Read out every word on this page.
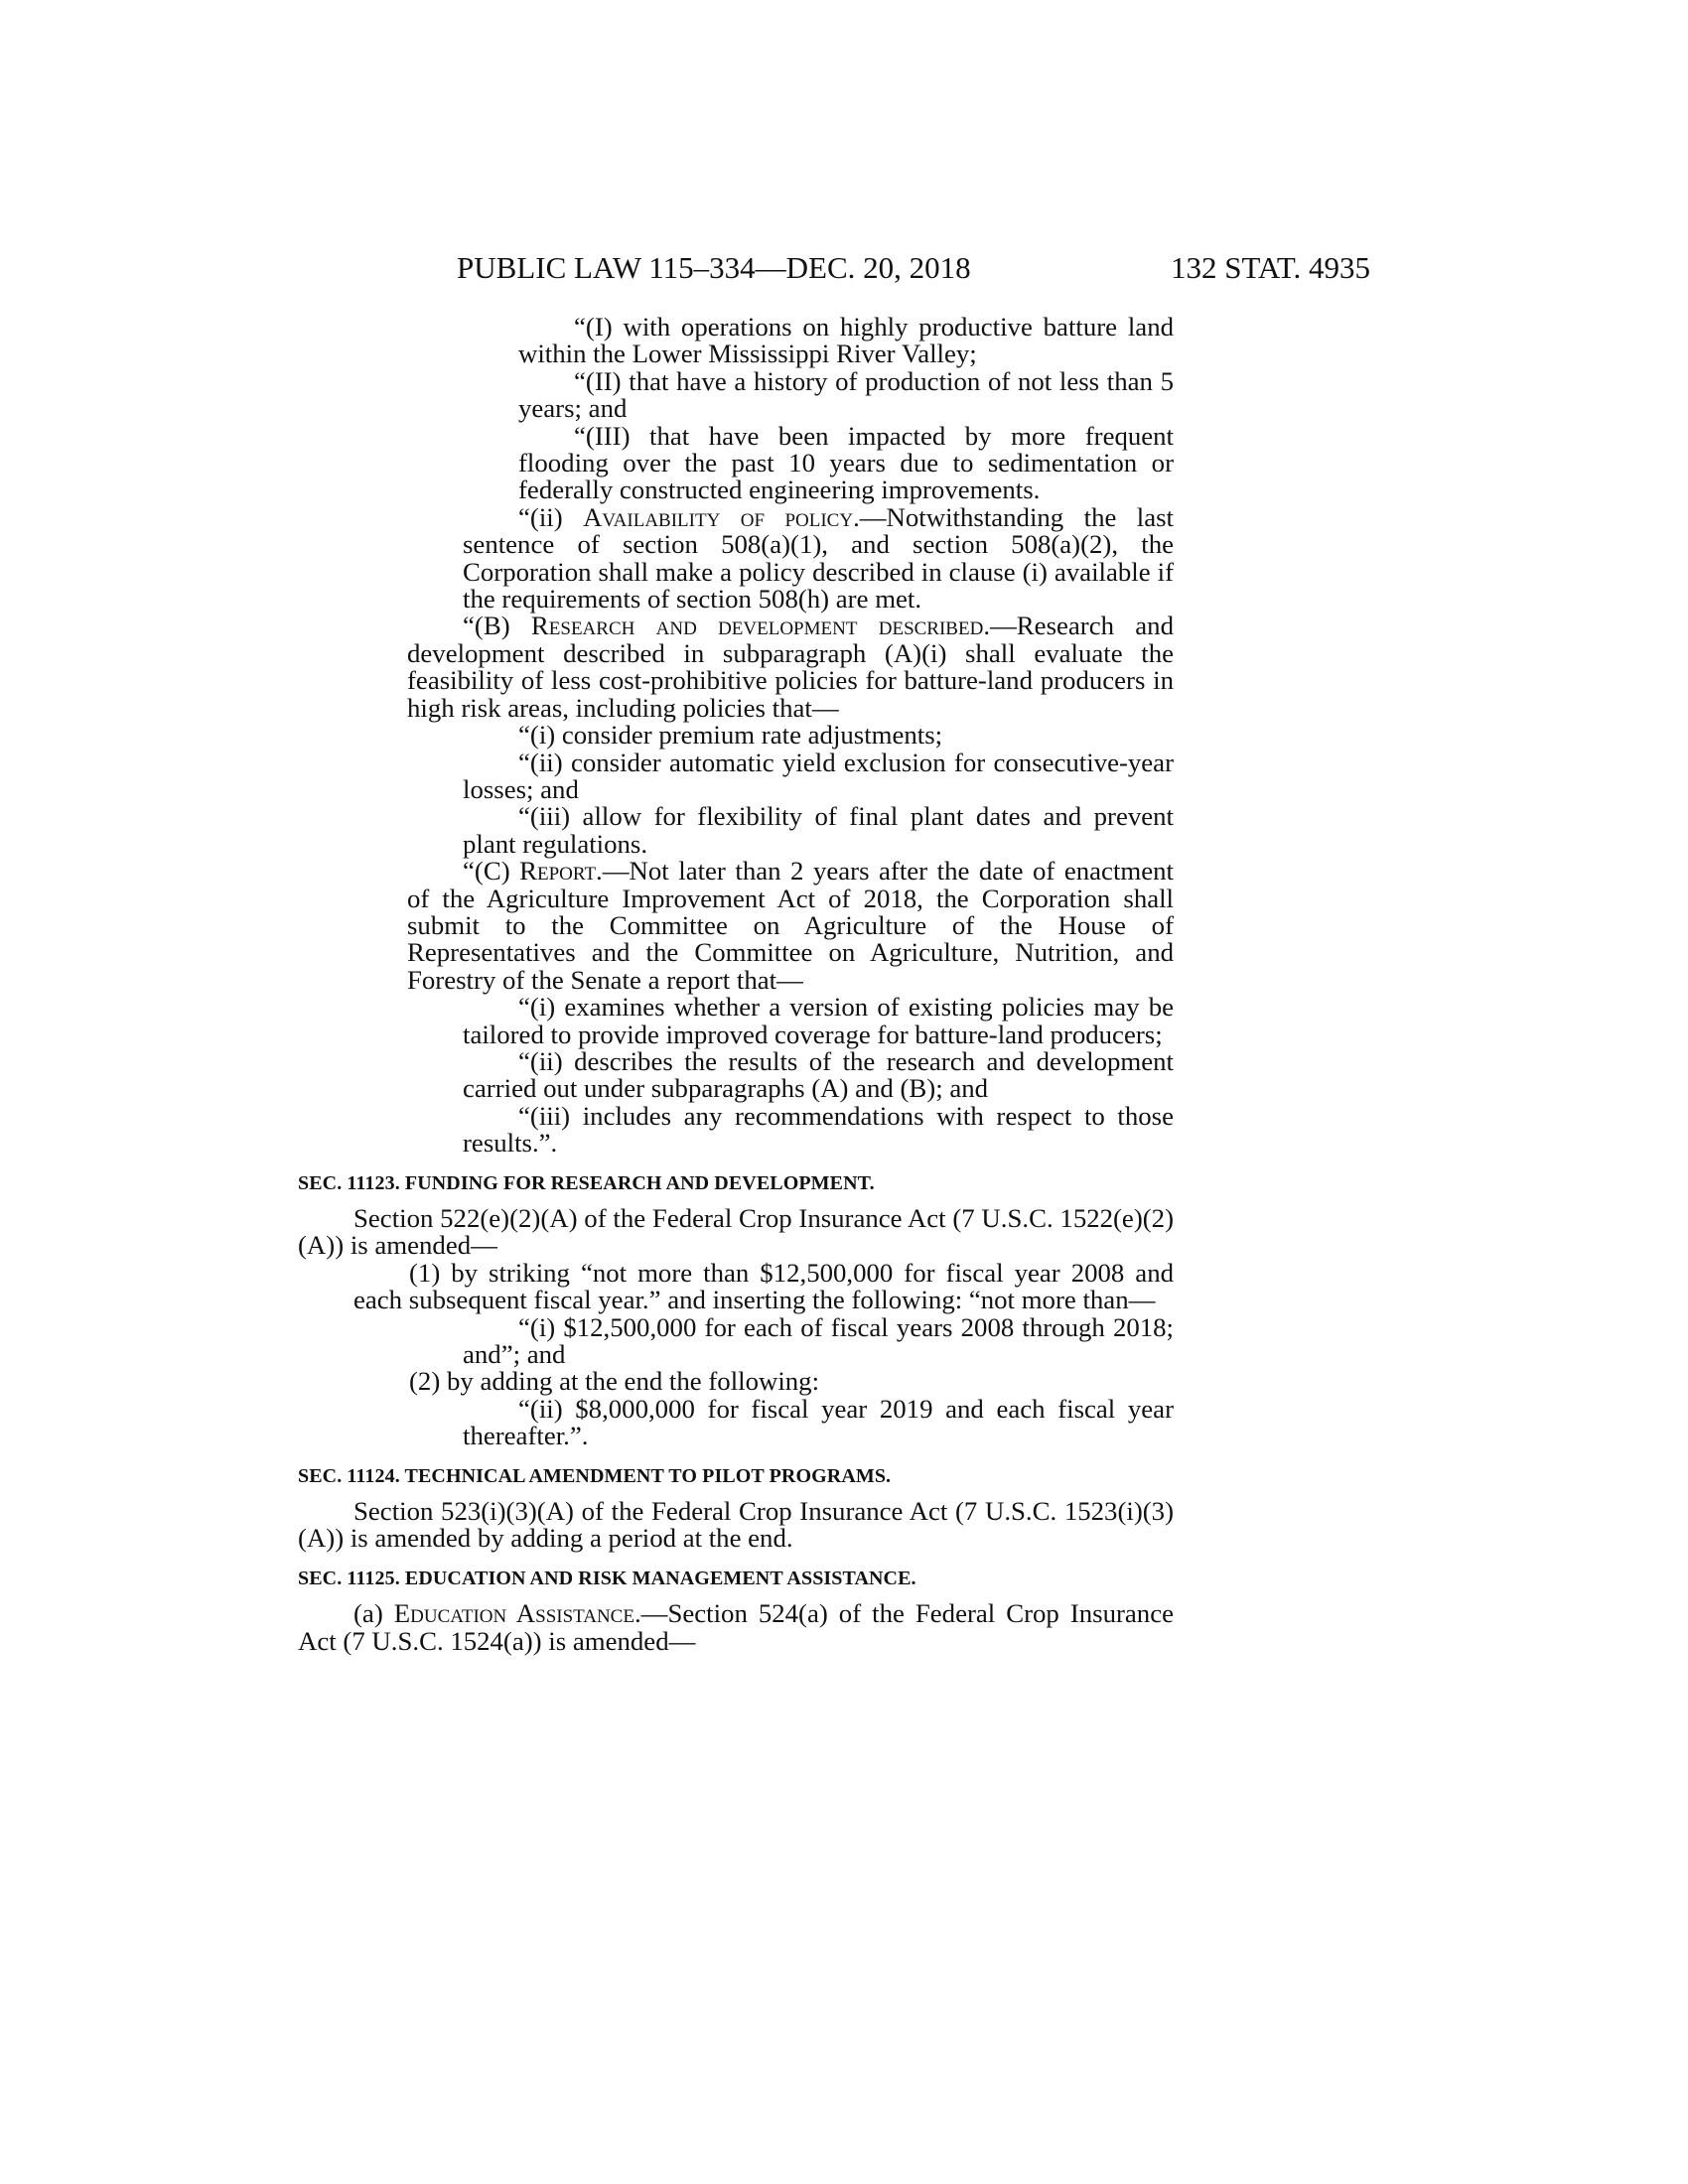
PUBLIC LAW 115–334—DEC. 20, 2018	132 STAT. 4935

“(I) with operations on highly productive batture land within the Lower Mississippi River Valley;

“(II) that have a history of production of not less than 5 years; and

“(III) that have been impacted by more frequent flooding over the past 10 years due to sedimentation or federally constructed engineering improvements.

“(ii) Availability of policy.—Notwithstanding the last sentence of section 508(a)(1), and section 508(a)(2), the Corporation shall make a policy described in clause (i) available if the requirements of section 508(h) are met.

“(B) Research and development described.—Research and development described in subparagraph (A)(i) shall evaluate the feasibility of less cost-prohibitive policies for batture-land producers in high risk areas, including policies that—

“(i) consider premium rate adjustments;

“(ii) consider automatic yield exclusion for consecutive-year losses; and

“(iii) allow for flexibility of final plant dates and prevent plant regulations.

“(C) Report.—Not later than 2 years after the date of enactment of the Agriculture Improvement Act of 2018, the Corporation shall submit to the Committee on Agriculture of the House of Representatives and the Committee on Agriculture, Nutrition, and Forestry of the Senate a report that—

“(i) examines whether a version of existing policies may be tailored to provide improved coverage for batture-land producers;

“(ii) describes the results of the research and development carried out under subparagraphs (A) and (B); and

“(iii) includes any recommendations with respect to those results.”.

SEC. 11123. FUNDING FOR RESEARCH AND DEVELOPMENT.

Section 522(e)(2)(A) of the Federal Crop Insurance Act (7 U.S.C. 1522(e)(2)(A)) is amended—

(1) by striking “not more than $12,500,000 for fiscal year 2008 and each subsequent fiscal year.” and inserting the following: “not more than—

“(i) $12,500,000 for each of fiscal years 2008 through 2018; and”; and

(2) by adding at the end the following:

“(ii) $8,000,000 for fiscal year 2019 and each fiscal year thereafter.”.

SEC. 11124. TECHNICAL AMENDMENT TO PILOT PROGRAMS.

Section 523(i)(3)(A) of the Federal Crop Insurance Act (7 U.S.C. 1523(i)(3)(A)) is amended by adding a period at the end.

SEC. 11125. EDUCATION AND RISK MANAGEMENT ASSISTANCE.

(a) Education Assistance.—Section 524(a) of the Federal Crop Insurance Act (7 U.S.C. 1524(a)) is amended—
